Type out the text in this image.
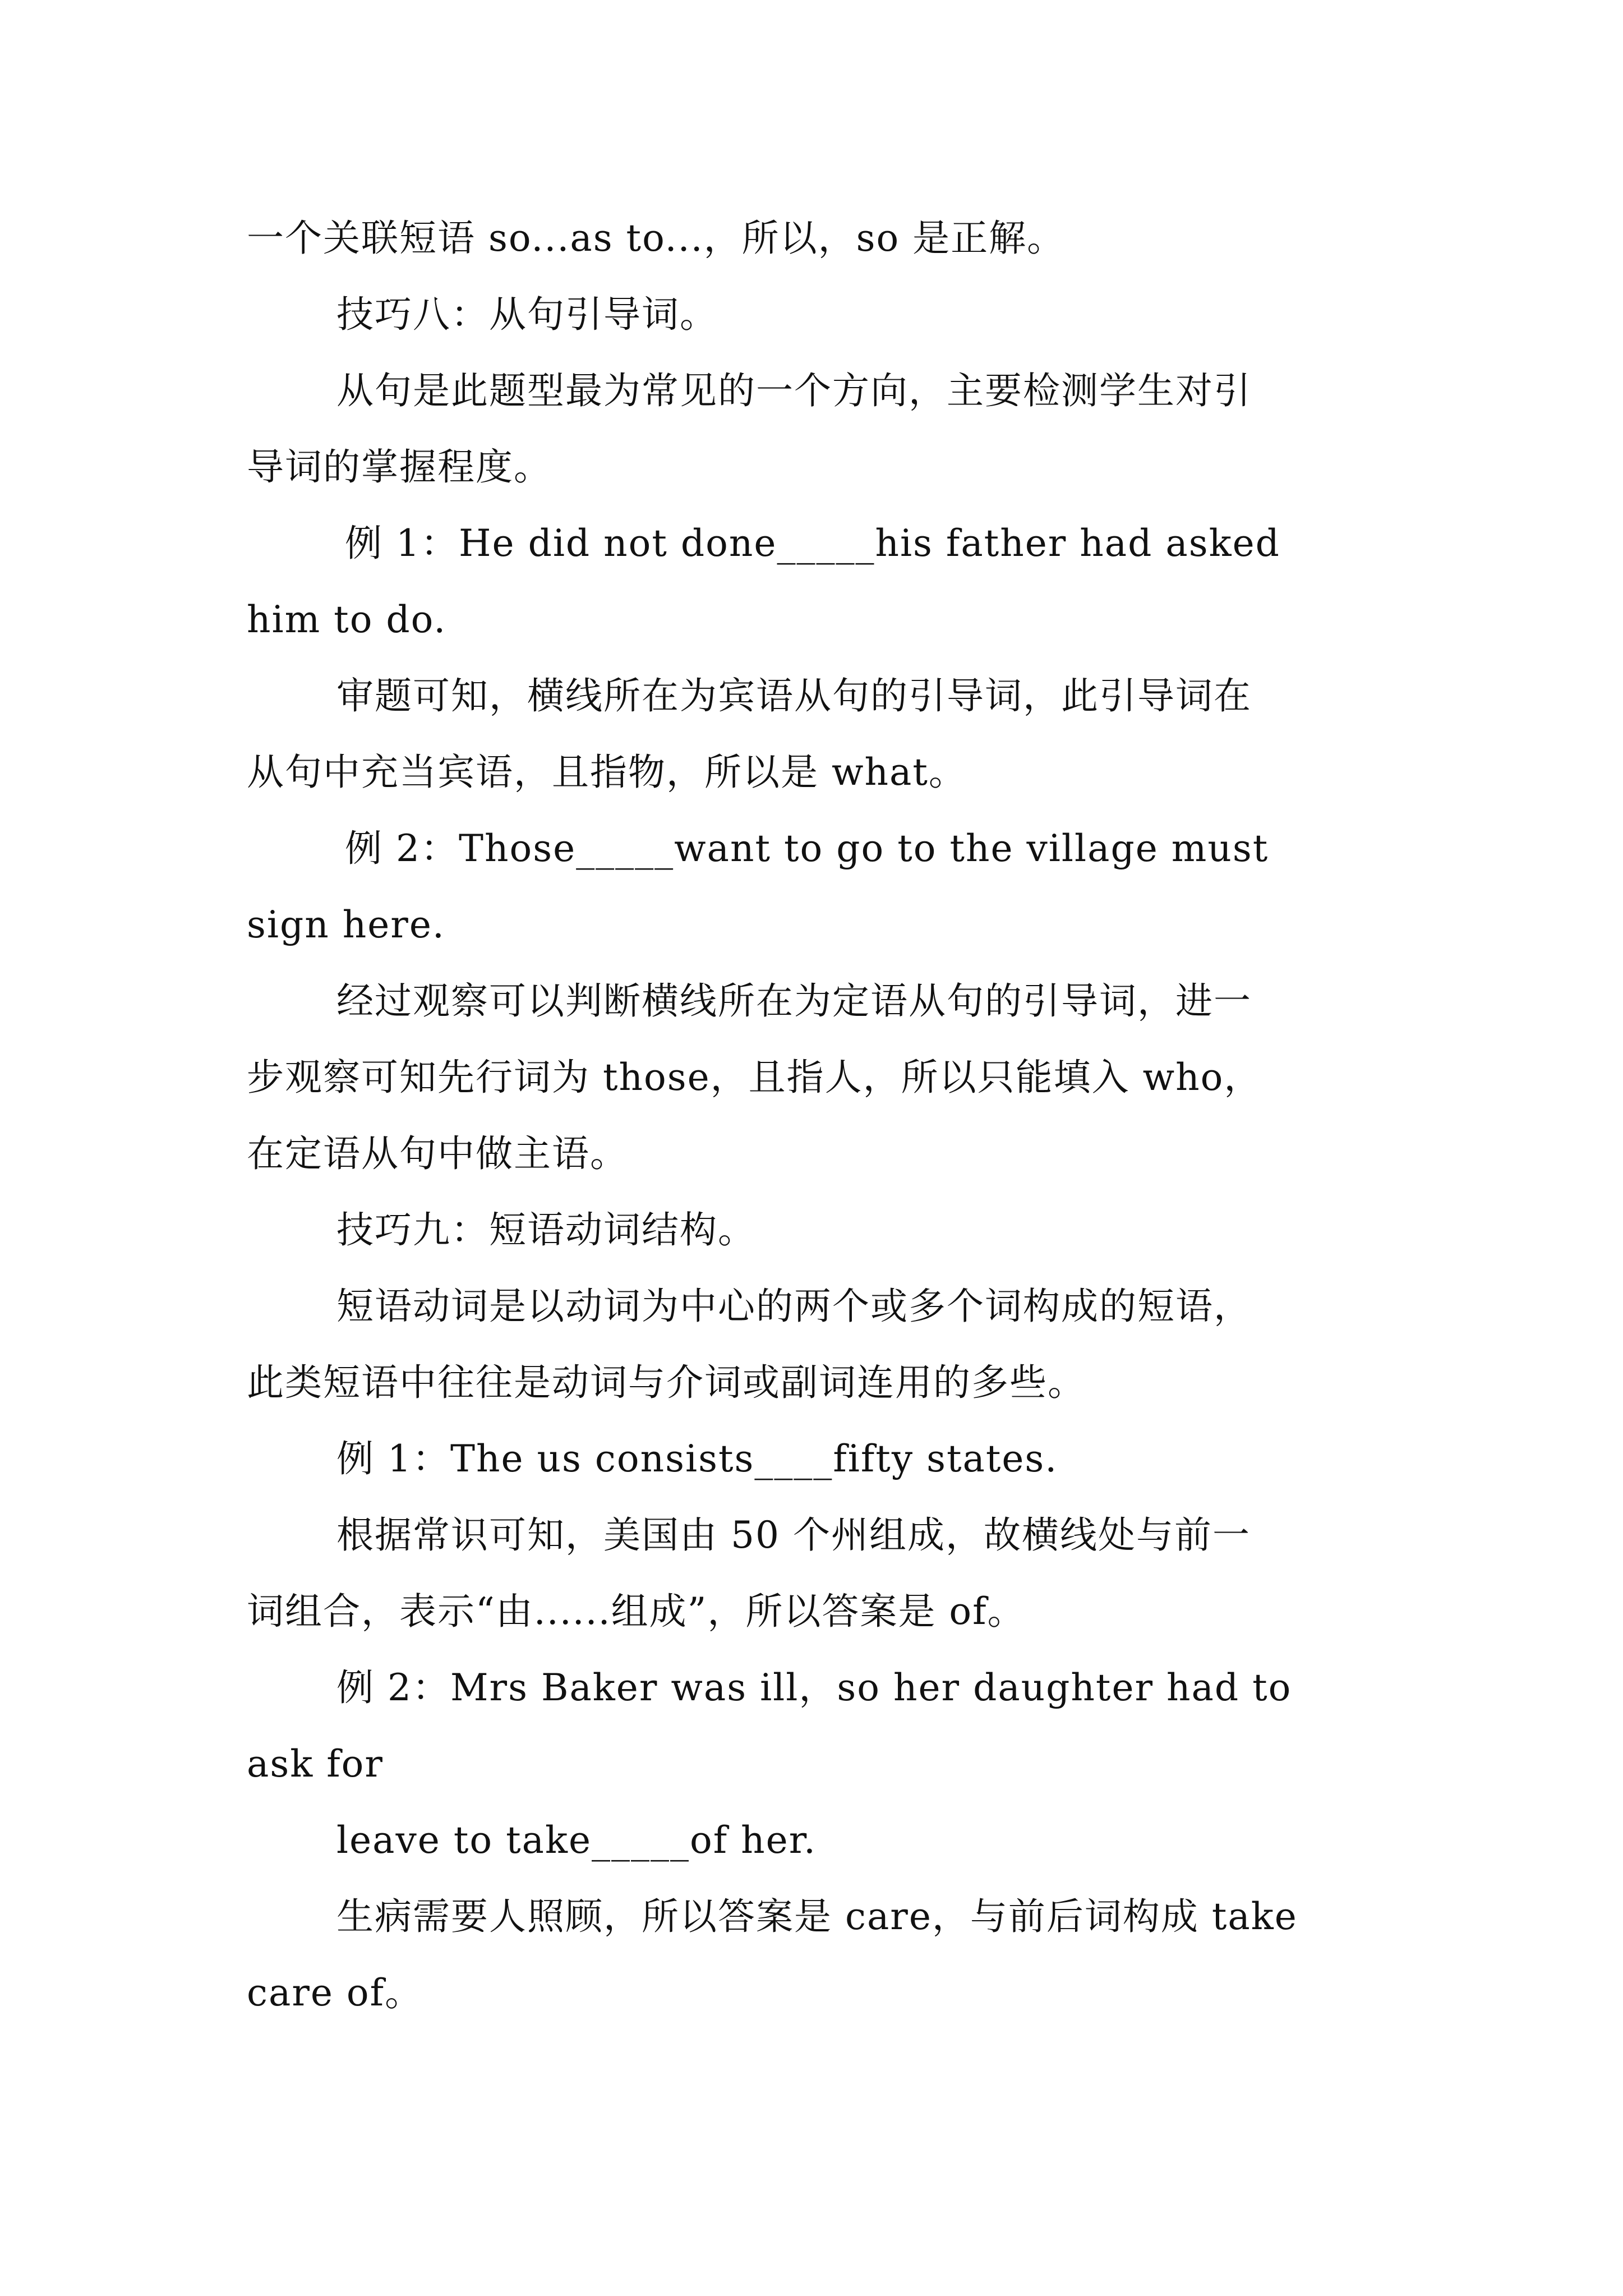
一个关联短语 so...as to...，所以，so 是正解。
技巧八：从句引导词。
从句是此题型最为常见的一个方向，主要检测学生对引
导词的掌握程度。
例 1：He did not done_____his father had asked
him to do.
审题可知，横线所在为宾语从句的引导词，此引导词在
从句中充当宾语，且指物，所以是 what。
例 2：Those_____want to go to the village must
sign here.
经过观察可以判断横线所在为定语从句的引导词，进一
步观察可知先行词为 those，且指人，所以只能填入 who，
在定语从句中做主语。
技巧九：短语动词结构。
短语动词是以动词为中心的两个或多个词构成的短语，
此类短语中往往是动词与介词或副词连用的多些。
例 1：The us consists____fifty states.
根据常识可知，美国由 50 个州组成，故横线处与前一
词组合，表示“由......组成”，所以答案是 of。
例 2：Mrs Baker was ill，so her daughter had to
ask for
leave to take_____of her.
生病需要人照顾，所以答案是 care，与前后词构成 take
care of。
